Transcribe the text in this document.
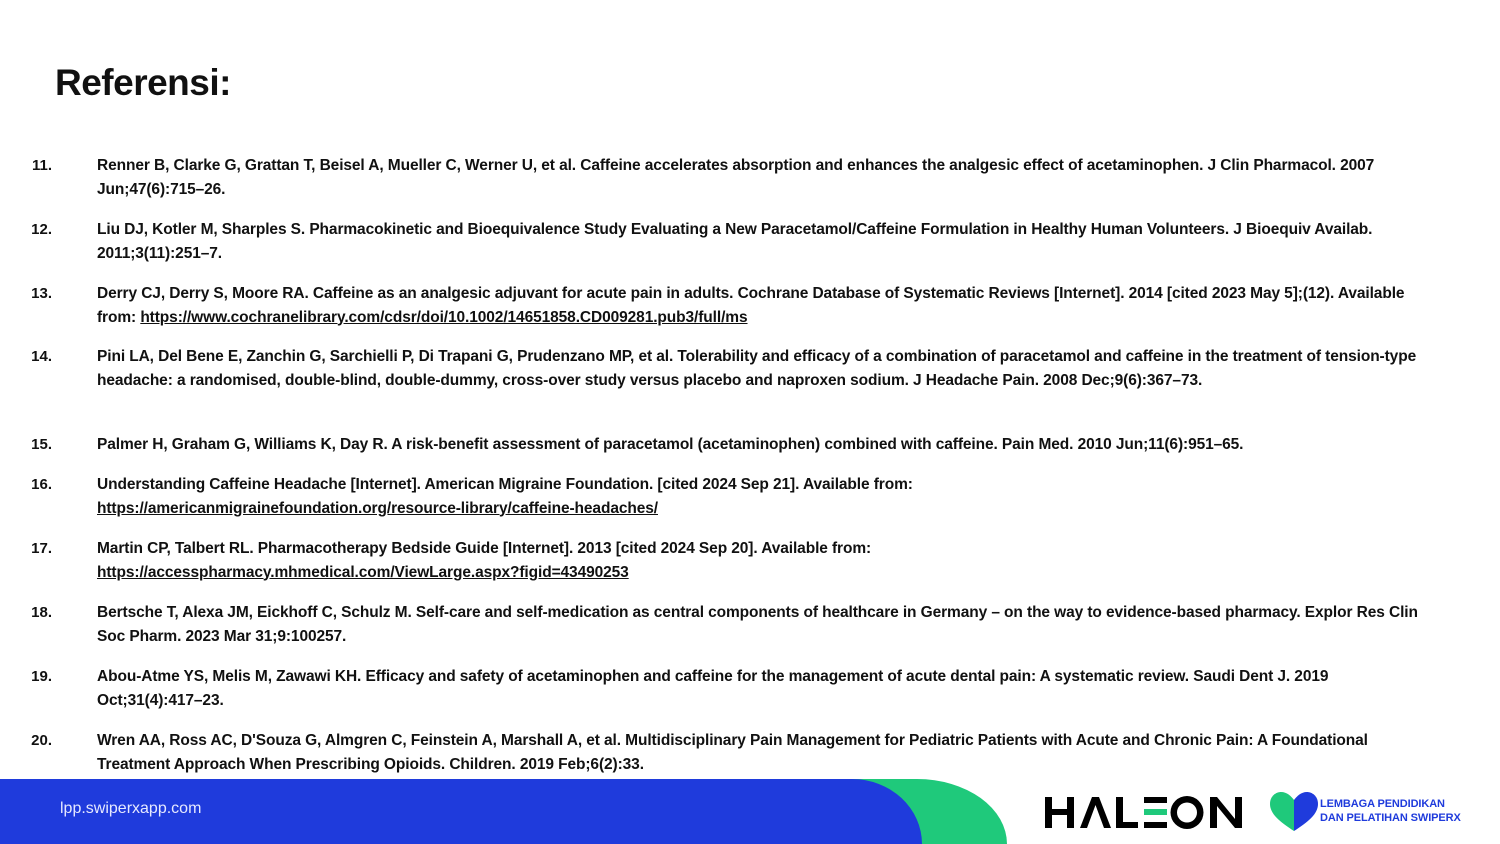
Referensi:
11.	Renner B, Clarke G, Grattan T, Beisel A, Mueller C, Werner U, et al. Caffeine accelerates absorption and enhances the analgesic effect of acetaminophen. J Clin Pharmacol. 2007 Jun;47(6):715–26.
12.	Liu DJ, Kotler M, Sharples S. Pharmacokinetic and Bioequivalence Study Evaluating a New Paracetamol/Caffeine Formulation in Healthy Human Volunteers. J Bioequiv Availab. 2011;3(11):251–7.
13.	Derry CJ, Derry S, Moore RA. Caffeine as an analgesic adjuvant for acute pain in adults. Cochrane Database of Systematic Reviews [Internet]. 2014 [cited 2023 May 5];(12). Available from: https://www.cochranelibrary.com/cdsr/doi/10.1002/14651858.CD009281.pub3/full/ms
14.	Pini LA, Del Bene E, Zanchin G, Sarchielli P, Di Trapani G, Prudenzano MP, et al. Tolerability and efficacy of a combination of paracetamol and caffeine in the treatment of tension-type headache: a randomised, double-blind, double-dummy, cross-over study versus placebo and naproxen sodium. J Headache Pain. 2008 Dec;9(6):367–73.
15.	Palmer H, Graham G, Williams K, Day R. A risk-benefit assessment of paracetamol (acetaminophen) combined with caffeine. Pain Med. 2010 Jun;11(6):951–65.
16.	Understanding Caffeine Headache [Internet]. American Migraine Foundation. [cited 2024 Sep 21]. Available from:
https://americanmigrainefoundation.org/resource-library/caffeine-headaches/
17.	Martin CP, Talbert RL. Pharmacotherapy Bedside Guide [Internet]. 2013 [cited 2024 Sep 20]. Available from:
https://accesspharmacy.mhmedical.com/ViewLarge.aspx?figid=43490253
18.	Bertsche T, Alexa JM, Eickhoff C, Schulz M. Self-care and self-medication as central components of healthcare in Germany – on the way to evidence-based pharmacy. Explor Res Clin Soc Pharm. 2023 Mar 31;9:100257.
19.	Abou-Atme YS, Melis M, Zawawi KH. Efficacy and safety of acetaminophen and caffeine for the management of acute dental pain: A systematic review. Saudi Dent J. 2019 Oct;31(4):417–23.
20.	Wren AA, Ross AC, D'Souza G, Almgren C, Feinstein A, Marshall A, et al. Multidisciplinary Pain Management for Pediatric Patients with Acute and Chronic Pain: A Foundational Treatment Approach When Prescribing Opioids. Children. 2019 Feb;6(2):33.
lpp.swiperxapp.com	LEMBAGA PENDIDIKAN
DAN PELATIHAN SWIPERX
